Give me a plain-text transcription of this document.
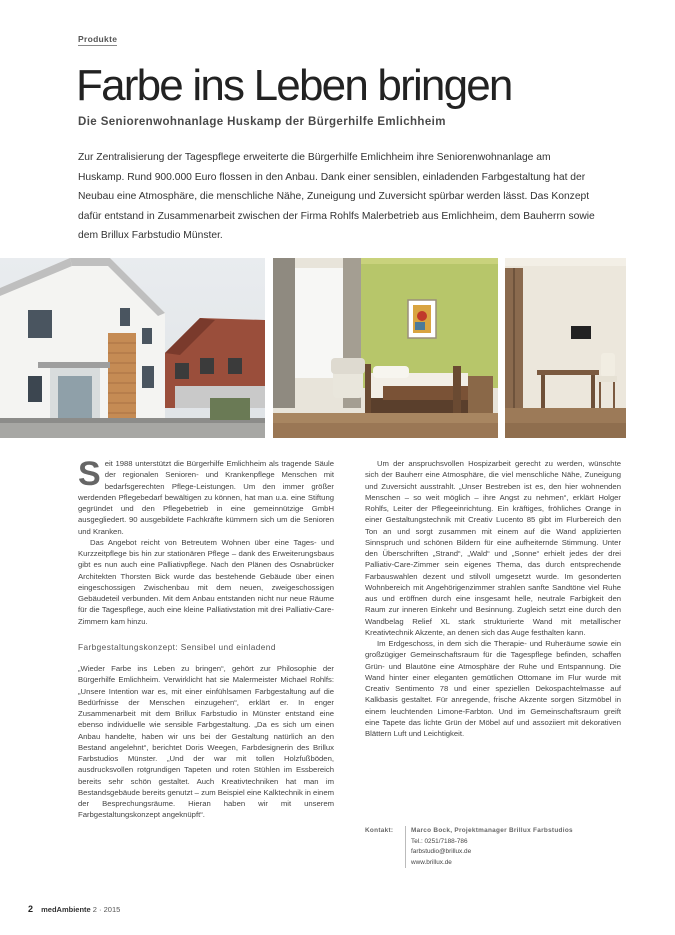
Produkte
Farbe ins Leben bringen
Die Seniorenwohnanlage Huskamp der Bürgerhilfe Emlichheim

Zur Zentralisierung der Tagespflege erweiterte die Bürgerhilfe Emlichheim ihre Seniorenwohnanlage am Huskamp. Rund 900.000 Euro flossen in den Anbau. Dank einer sensiblen, einladenden Farbgestaltung hat der Neubau eine Atmosphäre, die menschliche Nähe, Zuneigung und Zuversicht spürbar werden lässt. Das Konzept dafür entstand in Zusammenarbeit zwischen der Firma Rohlfs Malerbetrieb aus Emlichheim, dem Bauherrn sowie dem Brillux Farbstudio Münster.

Seit 1988 unterstützt die Bürgerhilfe Emlichheim als tragende Säule der regionalen Senioren- und Krankenpflege Menschen mit bedarfsgerechten Pflege-Leistungen. Um den immer größer werdenden Pflegebedarf bewältigen zu können, hat man u.a. eine Stiftung gegründet und den Pflegebetrieb in eine gemeinnützige GmbH ausgegliedert. 90 ausgebildete Fachkräfte kümmern sich um die Senioren und Kranken.

Das Angebot reicht von Betreutem Wohnen über eine Tages- und Kurzzeitpflege bis hin zur stationären Pflege – dank des Erweiterungsbaus gibt es nun auch eine Palliativpflege. Nach den Plänen des Osnabrücker Architekten Thorsten Bick wurde das bestehende Gebäude über einen eingeschossigen Zwischenbau mit dem neuen, zweigeschossigen Gebäudeteil verbunden. Mit dem Anbau entstanden nicht nur neue Räume für die Tagespflege, auch eine kleine Palliativstation mit drei Palliativ-Care-Zimmern kam hinzu.

Farbgestaltungskonzept: Sensibel und einladend

„Wieder Farbe ins Leben zu bringen“, gehört zur Philosophie der Bürgerhilfe Emlichheim. Verwirklicht hat sie Malermeister Michael Rohlfs: „Unsere Intention war es, mit einer einfühlsamen Farbgestaltung auf die Bedürfnisse der Menschen einzugehen“, erklärt er. In enger Zusammenarbeit mit dem Brillux Farbstudio in Münster entstand eine ebenso individuelle wie sensible Farbgestaltung. „Da es sich um einen Anbau handelte, haben wir uns bei der Gestaltung natürlich an den Bestand angelehnt“, berichtet Doris Weegen, Farbdesignerin des Brillux Farbstudios Münster. „Und der war mit tollen Holzfußböden, ausdrucksvollen rotgrundigen Tapeten und roten Stühlen im Essbereich bereits sehr schön gestaltet. Auch Kreativtechniken hat man im Bestandsgebäude bereits genutzt – zum Beispiel eine Kalktechnik in einem der Besprechungsräume. Hieran haben wir mit unserem Farbgestaltungskonzept angeknüpft“.

Um der anspruchsvollen Hospizarbeit gerecht zu werden, wünschte sich der Bauherr eine Atmosphäre, die viel menschliche Nähe, Zuneigung und Zuversicht ausstrahlt. „Unser Bestreben ist es, den hier wohnenden Menschen – so weit möglich – ihre Angst zu nehmen“, erklärt Holger Rohlfs, Leiter der Pflegeeinrichtung. Ein kräftiges, fröhliches Orange in einer Gestaltungstechnik mit Creativ Lucento 85 gibt im Flurbereich den Ton an und sorgt zusammen mit einem auf die Wand applizierten Sinnspruch und schönen Bildern für eine aufheiternde Stimmung. Unter den Überschriften „Strand“, „Wald“ und „Sonne“ erhielt jedes der drei Palliativ-Care-Zimmer sein eigenes Thema, das durch entsprechende Farbauswahlen dezent und stilvoll umgesetzt wurde. Im gesonderten Wohnbereich mit Angehörigenzimmer strahlen sanfte Sandtöne viel Ruhe aus und eröffnen durch eine insgesamt helle, neutrale Farbigkeit den Raum zur inneren Einkehr und Besinnung. Zugleich setzt eine durch den Wandbelag Relief XL stark strukturierte Wand mit metallischer Kreativtechnik Akzente, an denen sich das Auge festhalten kann.

Im Erdgeschoss, in dem sich die Therapie- und Ruheräume sowie ein großzügiger Gemeinschaftsraum für die Tagespflege befinden, schaffen Grün- und Blautöne eine Atmosphäre der Ruhe und Entspannung. Die Wand hinter einer eleganten gemütlichen Ottomane im Flur wurde mit Creativ Sentimento 78 und einer speziellen Dekospachtelmasse auf Kalkbasis gestaltet. Für anregende, frische Akzente sorgen Sitzmöbel in einem leuchtenden Limone-Farbton. Und im Gemeinschaftsraum greift eine Tapete das lichte Grün der Möbel auf und assoziiert mit dekorativen Blättern Luft und Leichtigkeit.

Kontakt:	Marco Bock, Projektmanager Brillux Farbstudios
Tel.: 0251/7188-786
farbstudio@brillux.de
www.brillux.de
2 medAmbiente 2 · 2015
